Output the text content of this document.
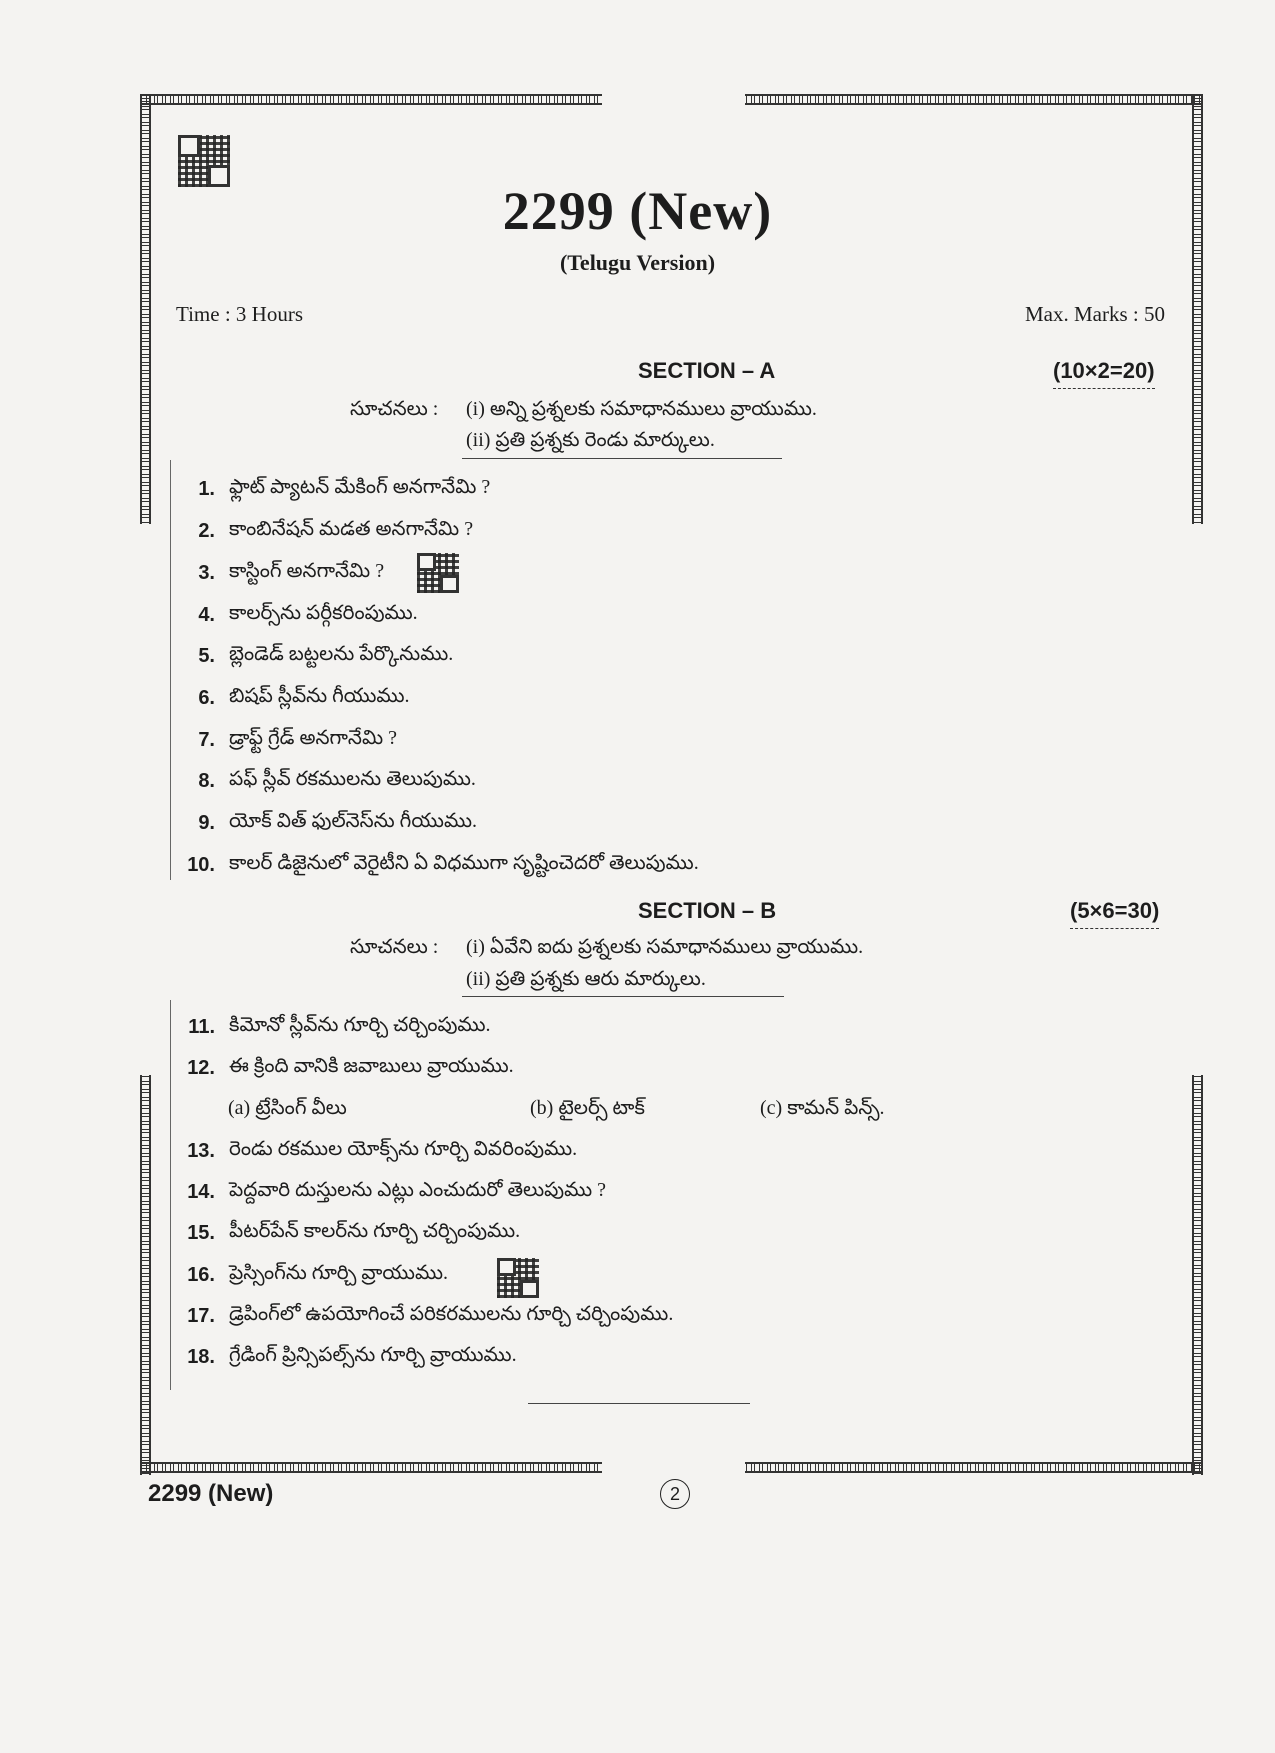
2299 (New)
(Telugu Version)
Time : 3 Hours	Max. Marks : 50
SECTION – A	(10×2=20)
సూచనలు : (i) అన్ని ప్రశ్నలకు సమాధానములు వ్రాయుము.
(ii) ప్రతి ప్రశ్నకు రెండు మార్కులు.
1. ఫ్లాట్ ప్యాటన్ మేకింగ్ అనగానేమి ?
2. కాంబినేషన్ మడత అనగానేమి ?
3. కాస్టింగ్ అనగానేమి ?
4. కాలర్స్‌ను పర్గీకరింపుము.
5. బ్లెండెడ్ బట్టలను పేర్కొనుము.
6. బిషప్ స్లీవ్‌ను గీయుము.
7. డ్రాఫ్ట్ గ్రేడ్ అనగానేమి ?
8. పఫ్ స్లీవ్ రకములను తెలుపుము.
9. యోక్ విత్ ఫుల్‌నెస్‌ను గీయుము.
10. కాలర్ డిజైనులో వెరైటీని ఏ విధముగా సృష్టించెదరో తెలుపుము.
SECTION – B	(5×6=30)
సూచనలు : (i) ఏవేని ఐదు ప్రశ్నలకు సమాధానములు వ్రాయుము.
(ii) ప్రతి ప్రశ్నకు ఆరు మార్కులు.
11. కిమోనో స్లీవ్‌ను గూర్చి చర్చింపుము.
12. ఈ క్రింది వానికి జవాబులు వ్రాయుము.
(a) ట్రేసింగ్ వీలు	(b) టైలర్స్ టాక్	(c) కామన్ పిన్స్.
13. రెండు రకముల యోక్స్‌ను గూర్చి వివరింపుము.
14. పెద్దవారి దుస్తులను ఎట్లు ఎంచుదురో తెలుపుము ?
15. పీటర్‌పేన్ కాలర్‌ను గూర్చి చర్చింపుము.
16. ప్రెస్సింగ్‌ను గూర్చి వ్రాయుము.
17. డ్రెపింగ్‌లో ఉపయోగించే పరికరములను గూర్చి చర్చింపుము.
18. గ్రేడింగ్ ప్రిన్సిపల్స్‌ను గూర్చి వ్రాయుము.
2299 (New)	2
